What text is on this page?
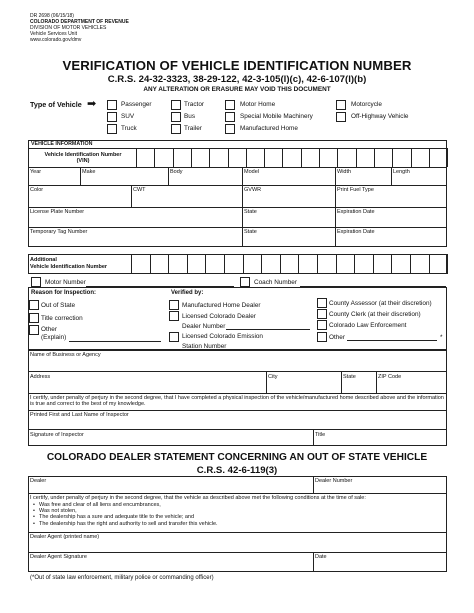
DR 2698 (06/15/18)
COLORADO DEPARTMENT OF REVENUE
DIVISION OF MOTOR VEHICLES
Vehicle Services Unit
www.colorado.gov/dmv
VERIFICATION OF VEHICLE IDENTIFICATION NUMBER
C.R.S. 24-32-3323, 38-29-122, 42-3-105(l)(c), 42-6-107(l)(b)
ANY ALTERATION OR ERASURE MAY VOID THIS DOCUMENT
Type of Vehicle ➡	Passenger	Tractor	Motor Home	Motorcycle
SUV	Bus	Special Mobile Machinery	Off-Highway Vehicle
Truck	Trailer	Manufactured Home
VEHICLE INFORMATION
Vehicle Identification Number
(VIN)
Year	Make	Body	Model	Width	Length
Color	CWT	GVWR	Print Fuel Type
License Plate Number	State	Expiration Date
Temporary Tag Number	State	Expiration Date
Additional
Vehicle Identification Number
Motor Number	Coach Number
Reason for Inspection:
Out of State
Title correction
Other
(Explain)
Verified by:
Manufactured Home Dealer
Licensed Colorado Dealer
Dealer Number
Licensed Colorado Emission
Station Number
County Assessor (at their discretion)
County Clerk (at their discretion)
Colorado Law Enforcement
Other	*
Name of Business or Agency
Address	City	State	ZIP Code
I certify, under penalty of perjury in the second degree, that I have completed a physical inspection of the vehicle/manufactured home described above and the information is true and correct to the best of my knowledge.
Printed First and Last Name of Inspector
Signature of Inspector	Title
COLORADO DEALER STATEMENT CONCERNING AN OUT OF STATE VEHICLE
C.R.S. 42-6-119(3)
Dealer	Dealer Number
I certify, under penalty of perjury in the second degree, that the vehicle as described above met the following conditions at the time of sale:
• Was free and clear of all liens and encumbrances,
• Was not stolen,
• The dealership has a sure and adequate title to the vehicle; and
• The dealership has the right and authority to sell and transfer this vehicle.
Dealer Agent (printed name)
Dealer Agent Signature	Date
(*Out of state law enforcement, military police or commanding officer)
